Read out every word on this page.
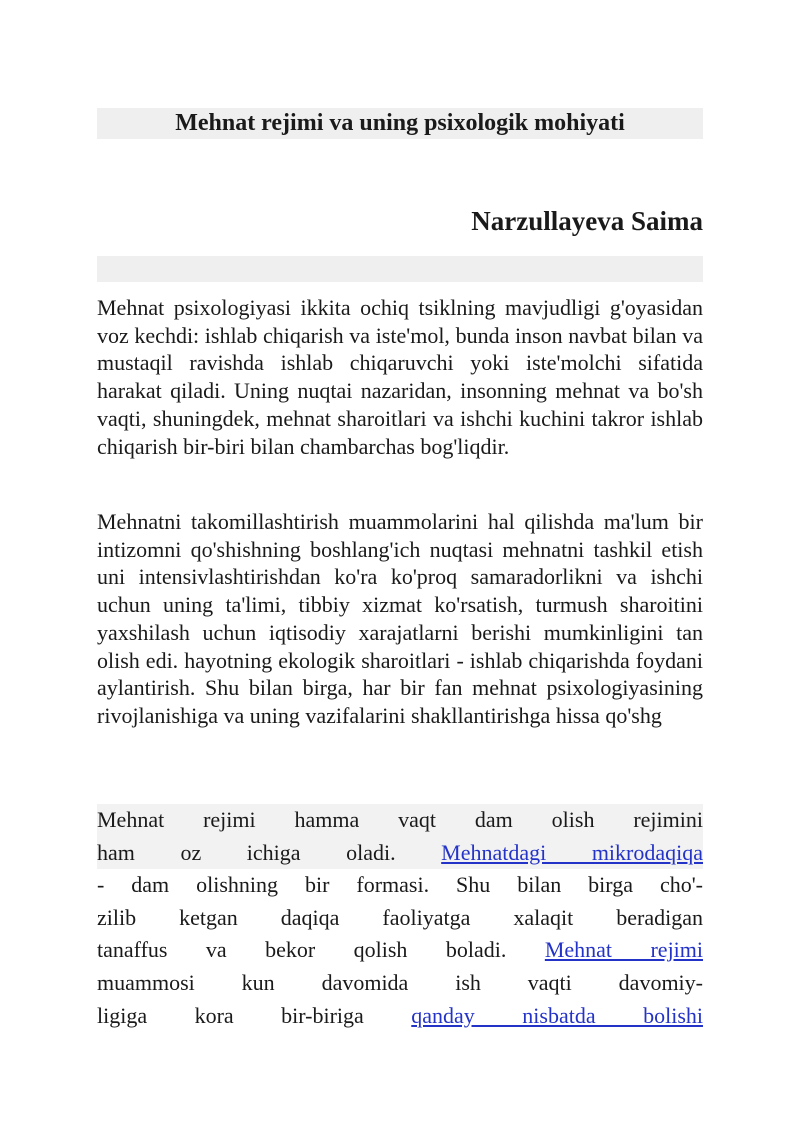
Mehnat rejimi va uning psixologik mohiyati
Narzullayeva Saima

Mehnat psixologiyasi ikkita ochiq tsiklning mavjudligi g'oyasidan voz kechdi: ishlab chiqarish va iste'mol, bunda inson navbat bilan va mustaqil ravishda ishlab chiqaruvchi yoki iste'molchi sifatida harakat qiladi. Uning nuqtai nazaridan, insonning mehnat va bo'sh vaqti, shuningdek, mehnat sharoitlari va ishchi kuchini takror ishlab chiqarish bir-biri bilan chambarchas bog'liqdir.

Mehnatni takomillashtirish muammolarini hal qilishda ma'lum bir intizomni qo'shishning boshlang'ich nuqtasi mehnatni tashkil etish uni intensivlashtirishdan ko'ra ko'proq samaradorlikni va ishchi uchun uning ta'limi, tibbiy xizmat ko'rsatish, turmush sharoitini yaxshilash uchun iqtisodiy xarajatlarni berishi mumkinligini tan olish edi. hayotning ekologik sharoitlari - ishlab chiqarishda foydani aylantirish. Shu bilan birga, har bir fan mehnat psixologiyasining rivojlanishiga va uning vazifalarini shakllantirishga hissa qo'shg

Mehnat rejimi hamma vaqt dam olish rejimini
ham oz ichiga oladi. Mehnatdagi mikrodaqiqa
- dam olishning bir formasi. Shu bilan birga cho'-
zilib ketgan daqiqa faoliyatga xalaqit beradigan
tanaffus va bekor qolish boladi. Mehnat rejimi
muammosi kun davomida ish vaqti davomiy-
ligiga kora bir-biriga qanday nisbatda bolishi
